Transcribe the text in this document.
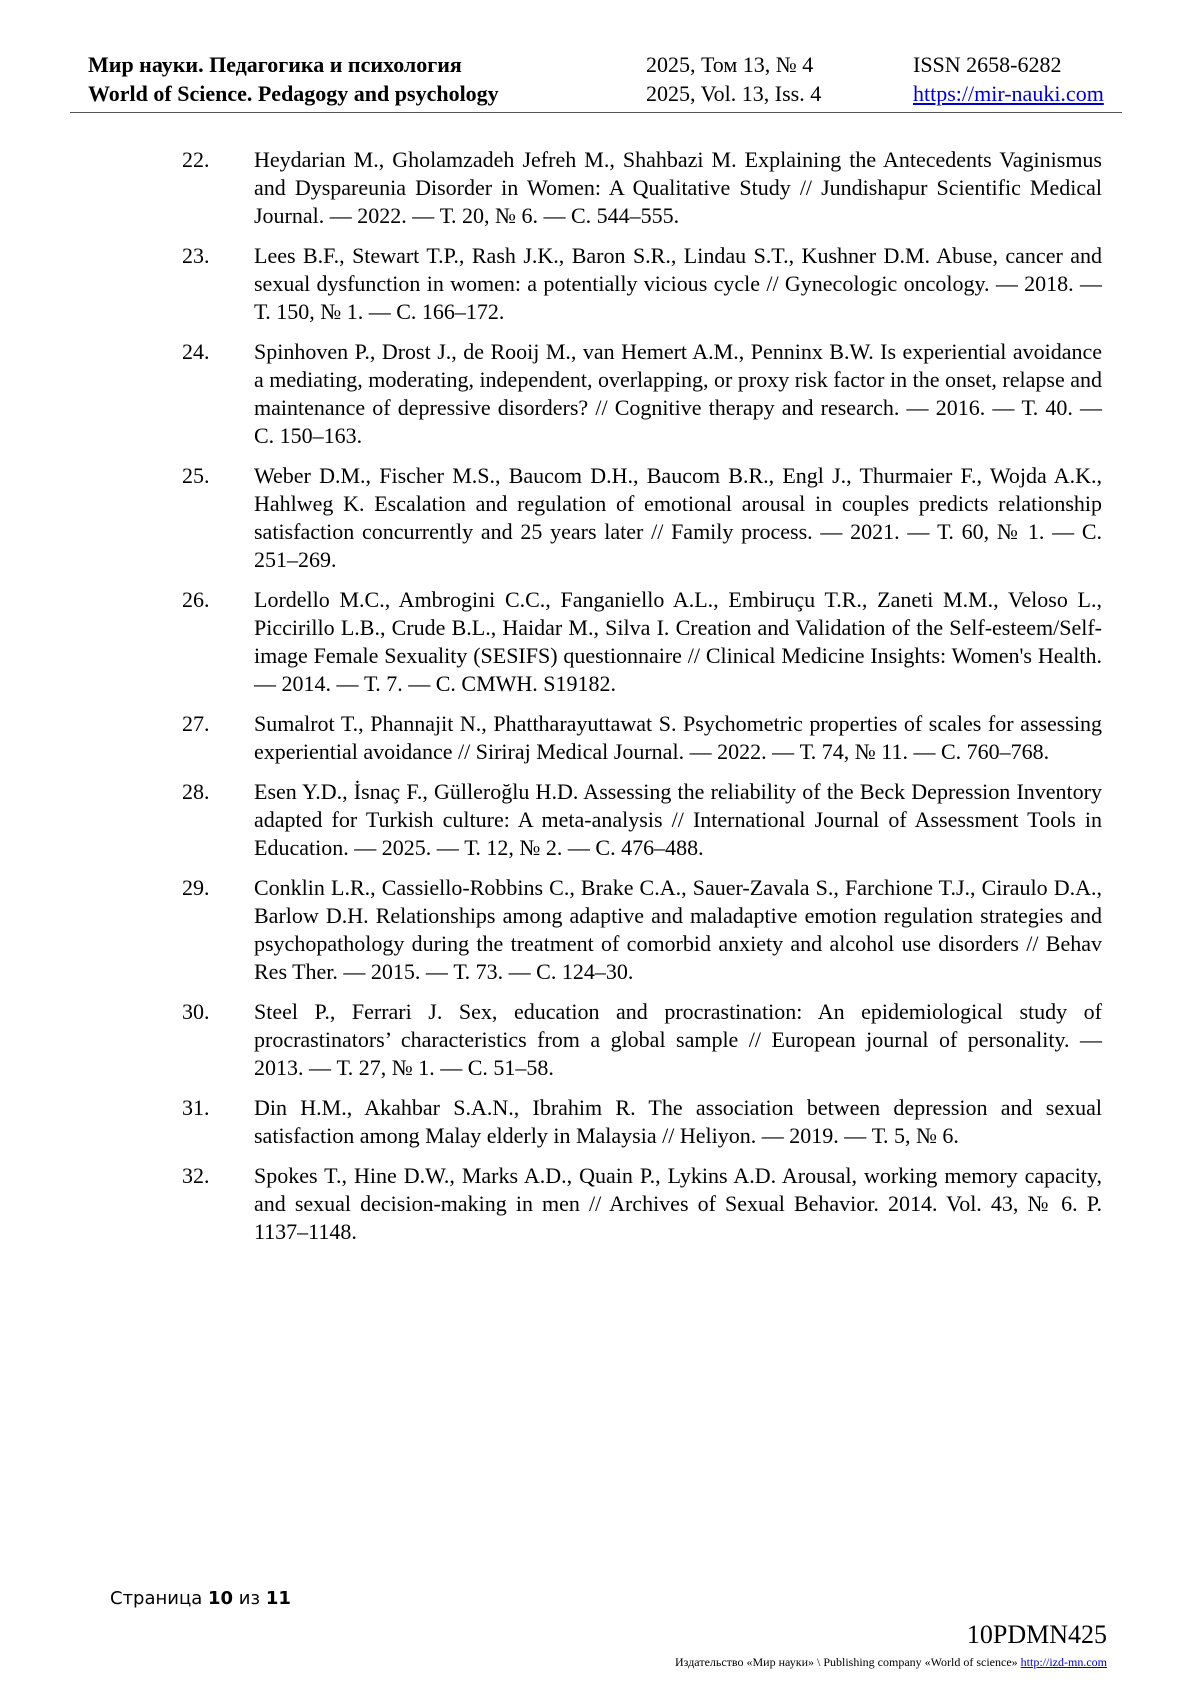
Мир науки. Педагогика и психология
World of Science. Pedagogy and psychology
2025, Том 13, № 4
2025, Vol. 13, Iss. 4
ISSN 2658-6282
https://mir-nauki.com
22. Heydarian M., Gholamzadeh Jefreh M., Shahbazi M. Explaining the Antecedents Vaginismus and Dyspareunia Disorder in Women: A Qualitative Study // Jundishapur Scientific Medical Journal. — 2022. — Т. 20, № 6. — С. 544–555.
23. Lees B.F., Stewart T.P., Rash J.K., Baron S.R., Lindau S.T., Kushner D.M. Abuse, cancer and sexual dysfunction in women: a potentially vicious cycle // Gynecologic oncology. — 2018. — Т. 150, № 1. — С. 166–172.
24. Spinhoven P., Drost J., de Rooij M., van Hemert A.M., Penninx B.W. Is experiential avoidance a mediating, moderating, independent, overlapping, or proxy risk factor in the onset, relapse and maintenance of depressive disorders? // Cognitive therapy and research. — 2016. — Т. 40. — С. 150–163.
25. Weber D.M., Fischer M.S., Baucom D.H., Baucom B.R., Engl J., Thurmaier F., Wojda A.K., Hahlweg K. Escalation and regulation of emotional arousal in couples predicts relationship satisfaction concurrently and 25 years later // Family process. — 2021. — Т. 60, № 1. — С. 251–269.
26. Lordello M.C., Ambrogini C.C., Fanganiello A.L., Embiruçu T.R., Zaneti M.M., Veloso L., Piccirillo L.B., Crude B.L., Haidar M., Silva I. Creation and Validation of the Self-esteem/Self-image Female Sexuality (SESIFS) questionnaire // Clinical Medicine Insights: Women's Health. — 2014. — Т. 7. — С. CMWH. S19182.
27. Sumalrot T., Phannajit N., Phattharayuttawat S. Psychometric properties of scales for assessing experiential avoidance // Siriraj Medical Journal. — 2022. — Т. 74, № 11. — С. 760–768.
28. Esen Y.D., İsnaç F., Gülleroğlu H.D. Assessing the reliability of the Beck Depression Inventory adapted for Turkish culture: A meta-analysis // International Journal of Assessment Tools in Education. — 2025. — Т. 12, № 2. — С. 476–488.
29. Conklin L.R., Cassiello-Robbins C., Brake C.A., Sauer-Zavala S., Farchione T.J., Ciraulo D.A., Barlow D.H. Relationships among adaptive and maladaptive emotion regulation strategies and psychopathology during the treatment of comorbid anxiety and alcohol use disorders // Behav Res Ther. — 2015. — Т. 73. — С. 124–30.
30. Steel P., Ferrari J. Sex, education and procrastination: An epidemiological study of procrastinators’ characteristics from a global sample // European journal of personality. — 2013. — Т. 27, № 1. — С. 51–58.
31. Din H.M., Akahbar S.A.N., Ibrahim R. The association between depression and sexual satisfaction among Malay elderly in Malaysia // Heliyon. — 2019. — Т. 5, № 6.
32. Spokes T., Hine D.W., Marks A.D., Quain P., Lykins A.D. Arousal, working memory capacity, and sexual decision-making in men // Archives of Sexual Behavior. 2014. Vol. 43, № 6. P. 1137–1148.
Страница 10 из 11
10PDMN425
Издательство «Мир науки» \ Publishing company «World of science» http://izd-mn.com
